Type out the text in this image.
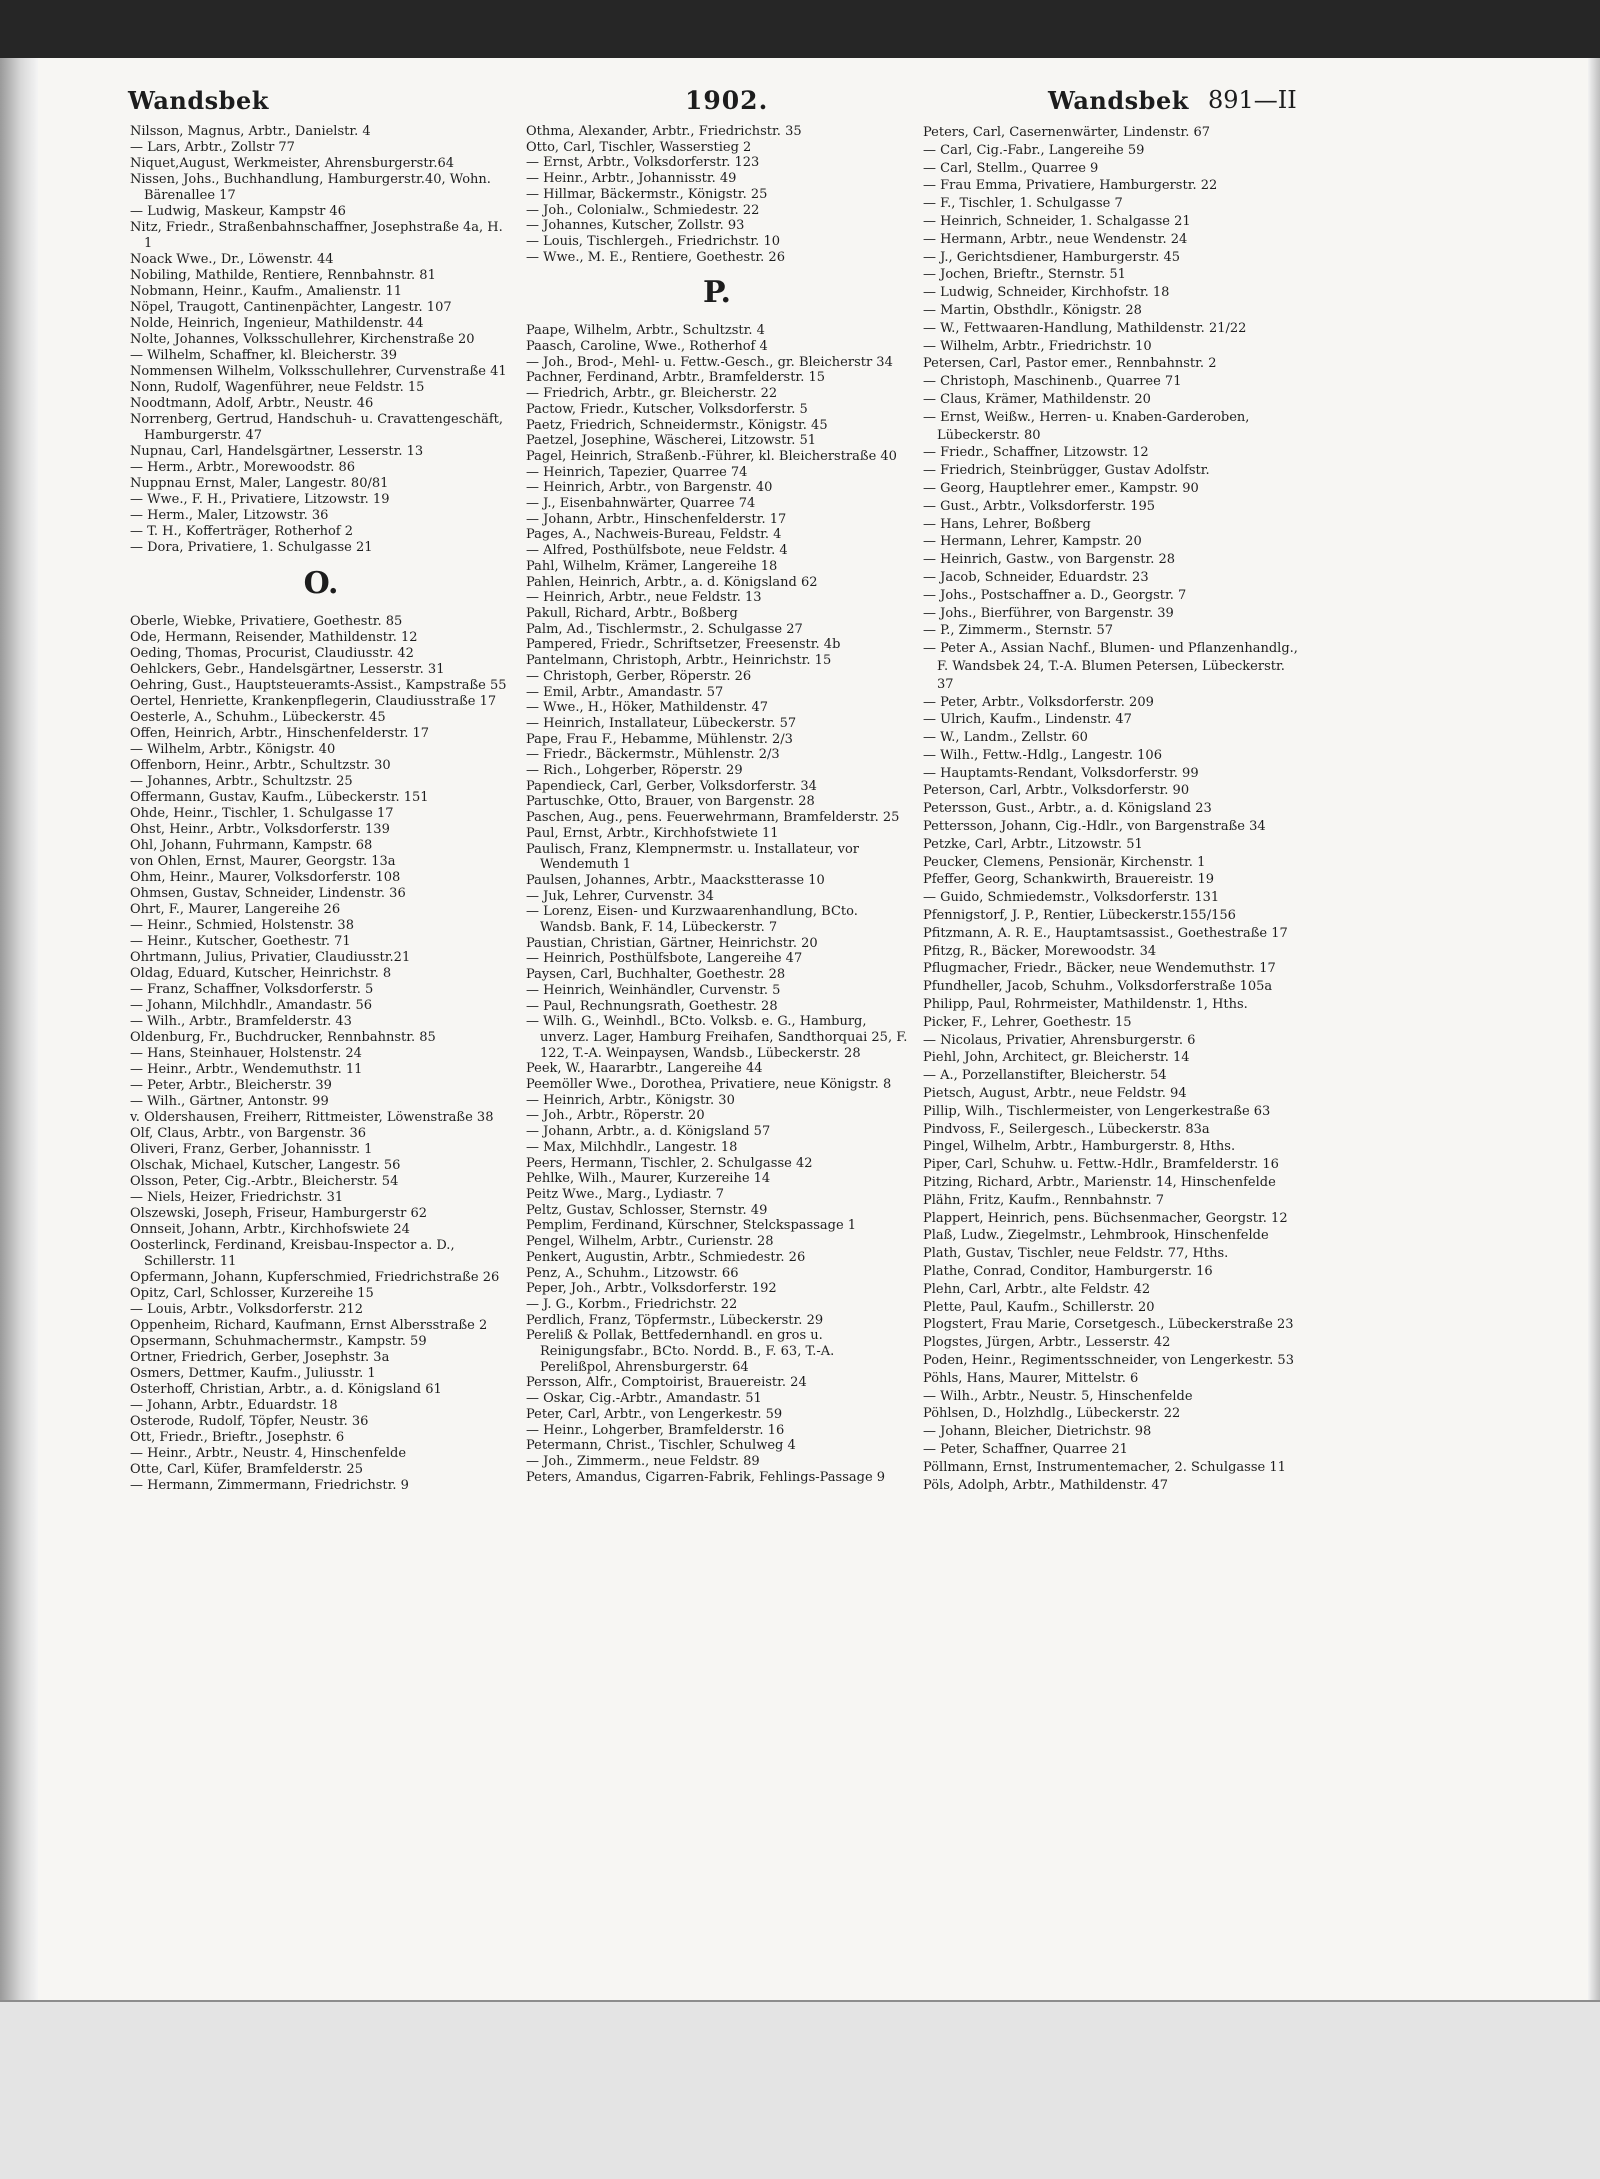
Wandsbek	1902.	Wandsbek 891—II
Nilsson, Magnus, Arbtr., Danielstr. 4
— Lars, Arbtr., Zollstr 77
Niquet,August, Werkmeister, Ahrensburgerstr.64
Nissen, Johs., Buchhandlung, Hamburgerstr.40, Wohn. Bärenallee 17
— Ludwig, Maskeur, Kampstr 46
Nitz, Friedr., Straßenbahnschaffner, Josephstraße 4a, H. 1
Noack Wwe., Dr., Löwenstr. 44
Nobiling, Mathilde, Rentiere, Rennbahnstr. 81
Nobmann, Heinr., Kaufm., Amalienstr. 11
Nöpel, Traugott, Cantinenpächter, Langestr. 107
Nolde, Heinrich, Ingenieur, Mathildenstr. 44
Nolte, Johannes, Volksschullehrer, Kirchenstraße 20
— Wilhelm, Schaffner, kl. Bleicherstr. 39
Nommensen Wilhelm, Volksschullehrer, Curvenstraße 41
Nonn, Rudolf, Wagenführer, neue Feldstr. 15
Noodtmann, Adolf, Arbtr., Neustr. 46
Norrenberg, Gertrud, Handschuh- u. Cravattengeschäft, Hamburgerstr. 47
Nupnau, Carl, Handelsgärtner, Lesserstr. 13
— Herm., Arbtr., Morewoodstr. 86
Nuppnau Ernst, Maler, Langestr. 80/81
— Wwe., F. H., Privatiere, Litzowstr. 19
— Herm., Maler, Litzowstr. 36
— T. H., Kofferträger, Rotherhof 2
— Dora, Privatiere, 1. Schulgasse 21
O.
Oberle, Wiebke, Privatiere, Goethestr. 85
Ode, Hermann, Reisender, Mathildenstr. 12
Oeding, Thomas, Procurist, Claudiusstr. 42
Oehlckers, Gebr., Handelsgärtner, Lesserstr. 31
Oehring, Gust., Hauptsteueramts-Assist., Kampstraße 55
Oertel, Henriette, Krankenpflegerin, Claudiusstraße 17
Oesterle, A., Schuhm., Lübeckerstr. 45
Offen, Heinrich, Arbtr., Hinschenfelderstr. 17
— Wilhelm, Arbtr., Königstr. 40
Offenborn, Heinr., Arbtr., Schultzstr. 30
— Johannes, Arbtr., Schultzstr. 25
Offermann, Gustav, Kaufm., Lübeckerstr. 151
Ohde, Heinr., Tischler, 1. Schulgasse 17
Ohst, Heinr., Arbtr., Volksdorferstr. 139
Ohl, Johann, Fuhrmann, Kampstr. 68
von Ohlen, Ernst, Maurer, Georgstr. 13a
Ohm, Heinr., Maurer, Volksdorferstr. 108
Ohmsen, Gustav, Schneider, Lindenstr. 36
Ohrt, F., Maurer, Langereihe 26
— Heinr., Schmied, Holstenstr. 38
— Heinr., Kutscher, Goethestr. 71
Ohrtmann, Julius, Privatier, Claudiusstr.21
Oldag, Eduard, Kutscher, Heinrichstr. 8
— Franz, Schaffner, Volksdorferstr. 5
— Johann, Milchhdlr., Amandastr. 56
— Wilh., Arbtr., Bramfelderstr. 43
Oldenburg, Fr., Buchdrucker, Rennbahnstr. 85
— Hans, Steinhauer, Holstenstr. 24
— Heinr., Arbtr., Wendemuthstr. 11
— Peter, Arbtr., Bleicherstr. 39
— Wilh., Gärtner, Antonstr. 99
v. Oldershausen, Freiherr, Rittmeister, Löwenstraße 38
Olf, Claus, Arbtr., von Bargenstr. 36
Oliveri, Franz, Gerber, Johannisstr. 1
Olschak, Michael, Kutscher, Langestr. 56
Olsson, Peter, Cig.-Arbtr., Bleicherstr. 54
— Niels, Heizer, Friedrichstr. 31
Olszewski, Joseph, Friseur, Hamburgerstr 62
Onnseit, Johann, Arbtr., Kirchhofswiete 24
Oosterlinck, Ferdinand, Kreisbau-Inspector a. D., Schillerstr. 11
Opfermann, Johann, Kupferschmied, Friedrichstraße 26
Opitz, Carl, Schlosser, Kurzereihe 15
— Louis, Arbtr., Volksdorferstr. 212
Oppenheim, Richard, Kaufmann, Ernst Albersstraße 2
Opsermann, Schuhmachermstr., Kampstr. 59
Ortner, Friedrich, Gerber, Josephstr. 3a
Osmers, Dettmer, Kaufm., Juliusstr. 1
Osterhoff, Christian, Arbtr., a. d. Königsland 61
— Johann, Arbtr., Eduardstr. 18
Osterode, Rudolf, Töpfer, Neustr. 36
Ott, Friedr., Brieftr., Josephstr. 6
— Heinr., Arbtr., Neustr. 4, Hinschenfelde
Otte, Carl, Küfer, Bramfelderstr. 25
— Hermann, Zimmermann, Friedrichstr. 9
Othma, Alexander, Arbtr., Friedrichstr. 35
Otto, Carl, Tischler, Wasserstieg 2
— Ernst, Arbtr., Volksdorferstr. 123
— Heinr., Arbtr., Johannisstr. 49
— Hillmar, Bäckermstr., Königstr. 25
— Joh., Colonialw., Schmiedestr. 22
— Johannes, Kutscher, Zollstr. 93
— Louis, Tischlergeh., Friedrichstr. 10
— Wwe., M. E., Rentiere, Goethestr. 26
P.
Paape, Wilhelm, Arbtr., Schultzstr. 4
Paasch, Caroline, Wwe., Rotherhof 4
— Joh., Brod-, Mehl- u. Fettw.-Gesch., gr. Bleicherstr 34
Pachner, Ferdinand, Arbtr., Bramfelderstr. 15
— Friedrich, Arbtr., gr. Bleicherstr. 22
Pactow, Friedr., Kutscher, Volksdorferstr. 5
Paetz, Friedrich, Schneidermstr., Königstr. 45
Paetzel, Josephine, Wäscherei, Litzowstr. 51
Pagel, Heinrich, Straßenb.-Führer, kl. Bleicherstraße 40
— Heinrich, Tapezier, Quarree 74
— Heinrich, Arbtr., von Bargenstr. 40
— J., Eisenbahnwärter, Quarree 74
— Johann, Arbtr., Hinschenfelderstr. 17
Pages, A., Nachweis-Bureau, Feldstr. 4
— Alfred, Posthülfsbote, neue Feldstr. 4
Pahl, Wilhelm, Krämer, Langereihe 18
Pahlen, Heinrich, Arbtr., a. d. Königsland 62
— Heinrich, Arbtr., neue Feldstr. 13
Pakull, Richard, Arbtr., Boßberg
Palm, Ad., Tischlermstr., 2. Schulgasse 27
Pampered, Friedr., Schriftsetzer, Freesenstr. 4b
Pantelmann, Christoph, Arbtr., Heinrichstr. 15
— Christoph, Gerber, Röperstr. 26
— Emil, Arbtr., Amandastr. 57
— Wwe., H., Höker, Mathildenstr. 47
— Heinrich, Installateur, Lübeckerstr. 57
Pape, Frau F., Hebamme, Mühlenstr. 2/3
— Friedr., Bäckermstr., Mühlenstr. 2/3
— Rich., Lohgerber, Röperstr. 29
Papendieck, Carl, Gerber, Volksdorferstr. 34
Partuschke, Otto, Brauer, von Bargenstr. 28
Paschen, Aug., pens. Feuerwehrmann, Bramfelderstr. 25
Paul, Ernst, Arbtr., Kirchhofstwiete 11
Paulisch, Franz, Klempnermstr. u. Installateur, vor Wendemuth 1
Paulsen, Johannes, Arbtr., Maackstterasse 10
— Juk, Lehrer, Curvenstr. 34
— Lorenz, Eisen- und Kurzwaarenhandlung, BCto. Wandsb. Bank, F. 14, Lübeckerstr. 7
Paustian, Christian, Gärtner, Heinrichstr. 20
— Heinrich, Posthülfsbote, Langereihe 47
Paysen, Carl, Buchhalter, Goethestr. 28
— Heinrich, Weinhändler, Curvenstr. 5
— Paul, Rechnungsrath, Goethestr. 28
— Wilh. G., Weinhdl., BCto. Volksb. e. G., Hamburg, unverz. Lager, Hamburg Freihafen, Sandthorquai 25, F. 122, T.-A. Weinpaysen, Wandsb., Lübeckerstr. 28
Peek, W., Haararbtr., Langereihe 44
Peemöller Wwe., Dorothea, Privatiere, neue Königstr. 8
— Heinrich, Arbtr., Königstr. 30
— Joh., Arbtr., Röperstr. 20
— Johann, Arbtr., a. d. Königsland 57
— Max, Milchhdlr., Langestr. 18
Peers, Hermann, Tischler, 2. Schulgasse 42
Pehlke, Wilh., Maurer, Kurzereihe 14
Peitz Wwe., Marg., Lydiastr. 7
Peltz, Gustav, Schlosser, Sternstr. 49
Pemplim, Ferdinand, Kürschner, Stelckspassage 1
Pengel, Wilhelm, Arbtr., Curienstr. 28
Penkert, Augustin, Arbtr., Schmiedestr. 26
Penz, A., Schuhm., Litzowstr. 66
Peper, Joh., Arbtr., Volksdorferstr. 192
— J. G., Korbm., Friedrichstr. 22
Perdlich, Franz, Töpfermstr., Lübeckerstr. 29
Pereliß & Pollak, Bettfedernhandl. en gros u. Reinigungsfabr., BCto. Nordd. B., F. 63, T.-A. Perelißpol, Ahrensburgerstr. 64
Persson, Alfr., Comptoirist, Brauereistr. 24
— Oskar, Cig.-Arbtr., Amandastr. 51
Peter, Carl, Arbtr., von Lengerkestr. 59
— Heinr., Lohgerber, Bramfelderstr. 16
Petermann, Christ., Tischler, Schulweg 4
— Joh., Zimmerm., neue Feldstr. 89
Peters, Amandus, Cigarren-Fabrik, Fehlings-Passage 9
Peters, Carl, Casernenwärter, Lindenstr. 67
— Carl, Cig.-Fabr., Langereihe 59
— Carl, Stellm., Quarree 9
— Frau Emma, Privatiere, Hamburgerstr. 22
— F., Tischler, 1. Schulgasse 7
— Heinrich, Schneider, 1. Schalgasse 21
— Hermann, Arbtr., neue Wendenstr. 24
— J., Gerichtsdiener, Hamburgerstr. 45
— Jochen, Brieftr., Sternstr. 51
— Ludwig, Schneider, Kirchhofstr. 18
— Martin, Obsthdlr., Königstr. 28
— W., Fettwaaren-Handlung, Mathildenstr. 21/22
— Wilhelm, Arbtr., Friedrichstr. 10
Petersen, Carl, Pastor emer., Rennbahnstr. 2
— Christoph, Maschinenb., Quarree 71
— Claus, Krämer, Mathildenstr. 20
— Ernst, Weißw., Herren- u. Knaben-Garderoben, Lübeckerstr. 80
— Friedr., Schaffner, Litzowstr. 12
— Friedrich, Steinbrügger, Gustav Adolfstr.
— Georg, Hauptlehrer emer., Kampstr. 90
— Gust., Arbtr., Volksdorferstr. 195
— Hans, Lehrer, Boßberg
— Hermann, Lehrer, Kampstr. 20
— Heinrich, Gastw., von Bargenstr. 28
— Jacob, Schneider, Eduardstr. 23
— Johs., Postschaffner a. D., Georgstr. 7
— Johs., Bierführer, von Bargenstr. 39
— P., Zimmerm., Sternstr. 57
— Peter A., Assian Nachf., Blumen- und Pflanzenhandlg., F. Wandsbek 24, T.-A. Blumen Petersen, Lübeckerstr. 37
— Peter, Arbtr., Volksdorferstr. 209
— Ulrich, Kaufm., Lindenstr. 47
— W., Landm., Zellstr. 60
— Wilh., Fettw.-Hdlg., Langestr. 106
— Hauptamts-Rendant, Volksdorferstr. 99
Peterson, Carl, Arbtr., Volksdorferstr. 90
Petersson, Gust., Arbtr., a. d. Königsland 23
Pettersson, Johann, Cig.-Hdlr., von Bargenstraße 34
Petzke, Carl, Arbtr., Litzowstr. 51
Peucker, Clemens, Pensionär, Kirchenstr. 1
Pfeffer, Georg, Schankwirth, Brauereistr. 19
— Guido, Schmiedemstr., Volksdorferstr. 131
Pfennigstorf, J. P., Rentier, Lübeckerstr.155/156
Pfitzmann, A. R. E., Hauptamtsassist., Goethestraße 17
Pfitzg, R., Bäcker, Morewoodstr. 34
Pflugmacher, Friedr., Bäcker, neue Wendemuthstr. 17
Pfundheller, Jacob, Schuhm., Volksdorferstraße 105a
Philipp, Paul, Rohrmeister, Mathildenstr. 1, Hths.
Picker, F., Lehrer, Goethestr. 15
— Nicolaus, Privatier, Ahrensburgerstr. 6
Piehl, John, Architect, gr. Bleicherstr. 14
— A., Porzellanstifter, Bleicherstr. 54
Pietsch, August, Arbtr., neue Feldstr. 94
Pillip, Wilh., Tischlermeister, von Lengerkestraße 63
Pindvoss, F., Seilergesch., Lübeckerstr. 83a
Pingel, Wilhelm, Arbtr., Hamburgerstr. 8, Hths.
Piper, Carl, Schuhw. u. Fettw.-Hdlr., Bramfelderstr. 16
Pitzing, Richard, Arbtr., Marienstr. 14, Hinschenfelde
Plähn, Fritz, Kaufm., Rennbahnstr. 7
Plappert, Heinrich, pens. Büchsenmacher, Georgstr. 12
Plaß, Ludw., Ziegelmstr., Lehmbrook, Hinschenfelde
Plath, Gustav, Tischler, neue Feldstr. 77, Hths.
Plathe, Conrad, Conditor, Hamburgerstr. 16
Plehn, Carl, Arbtr., alte Feldstr. 42
Plette, Paul, Kaufm., Schillerstr. 20
Plogstert, Frau Marie, Corsetgesch., Lübeckerstraße 23
Plogstes, Jürgen, Arbtr., Lesserstr. 42
Poden, Heinr., Regimentsschneider, von Lengerkestr. 53
Pöhls, Hans, Maurer, Mittelstr. 6
— Wilh., Arbtr., Neustr. 5, Hinschenfelde
Pöhlsen, D., Holzhdlg., Lübeckerstr. 22
— Johann, Bleicher, Dietrichstr. 98
— Peter, Schaffner, Quarree 21
Pöllmann, Ernst, Instrumentemacher, 2. Schulgasse 11
Pöls, Adolph, Arbtr., Mathildenstr. 47
